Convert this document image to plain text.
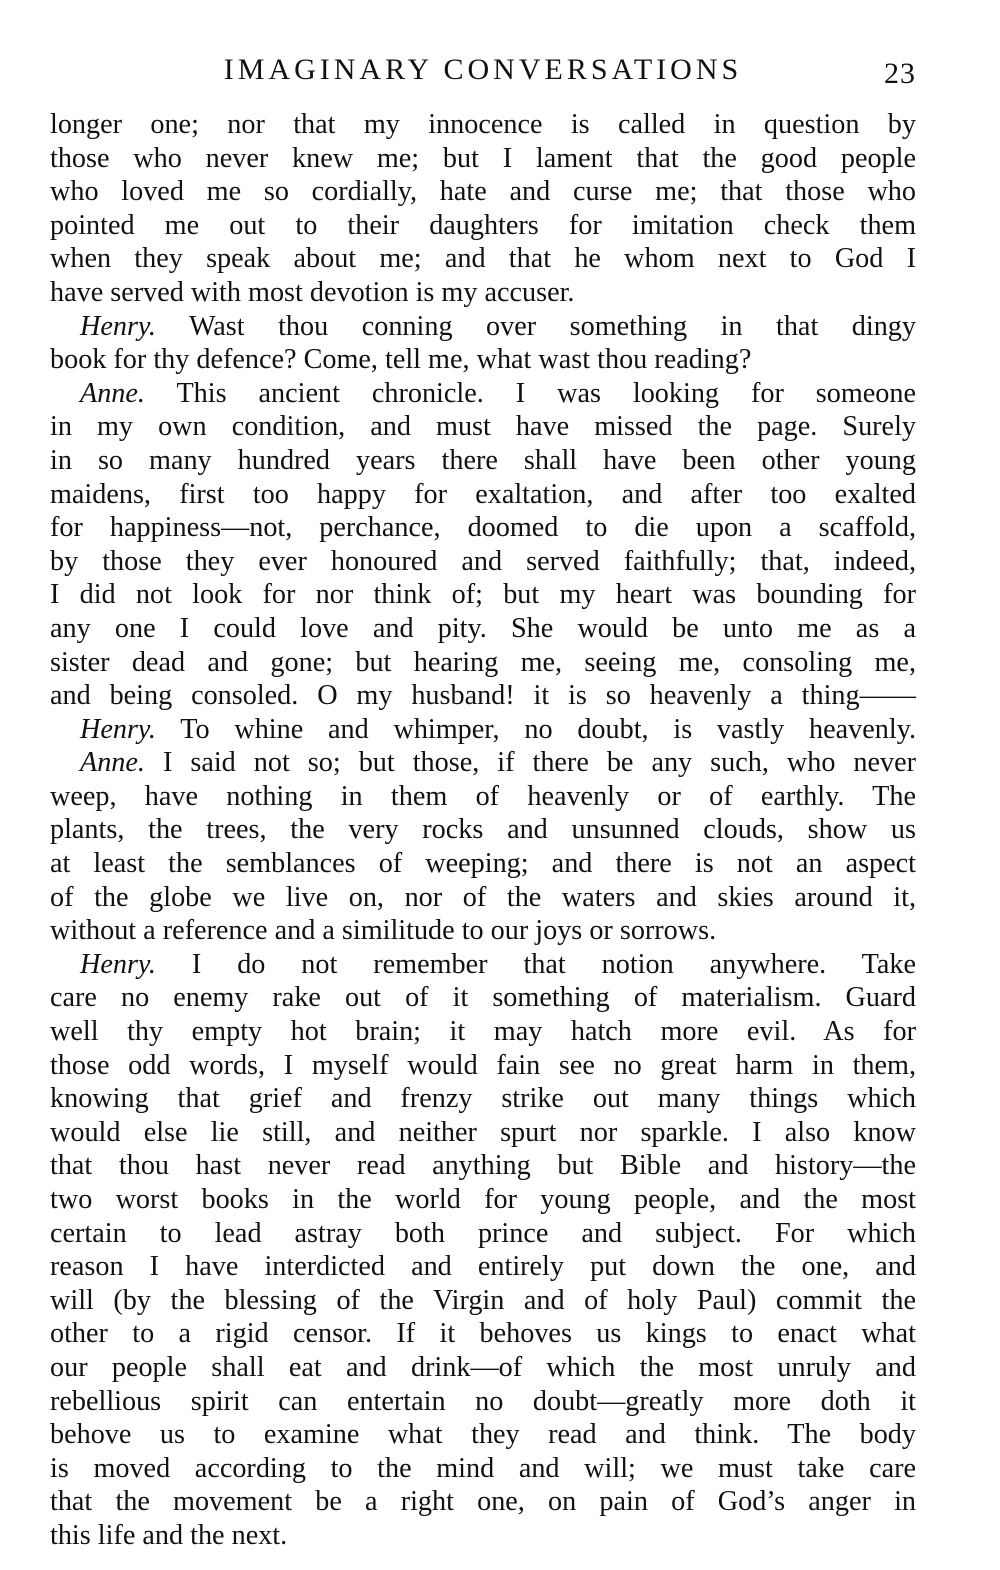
IMAGINARY CONVERSATIONS	23
longer one; nor that my innocence is called in question by
those who never knew me; but I lament that the good people
who loved me so cordially, hate and curse me; that those who
pointed me out to their daughters for imitation check them
when they speak about me; and that he whom next to God I
have served with most devotion is my accuser.
Henry. Wast thou conning over something in that dingy
book for thy defence? Come, tell me, what wast thou reading?
Anne. This ancient chronicle. I was looking for someone
in my own condition, and must have missed the page. Surely
in so many hundred years there shall have been other young
maidens, first too happy for exaltation, and after too exalted
for happiness—not, perchance, doomed to die upon a scaffold,
by those they ever honoured and served faithfully; that, indeed,
I did not look for nor think of; but my heart was bounding for
any one I could love and pity. She would be unto me as a
sister dead and gone; but hearing me, seeing me, consoling me,
and being consoled. O my husband! it is so heavenly a thing——
Henry. To whine and whimper, no doubt, is vastly heavenly.
Anne. I said not so; but those, if there be any such, who never
weep, have nothing in them of heavenly or of earthly. The
plants, the trees, the very rocks and unsunned clouds, show us
at least the semblances of weeping; and there is not an aspect
of the globe we live on, nor of the waters and skies around it,
without a reference and a similitude to our joys or sorrows.
Henry. I do not remember that notion anywhere. Take
care no enemy rake out of it something of materialism. Guard
well thy empty hot brain; it may hatch more evil. As for
those odd words, I myself would fain see no great harm in them,
knowing that grief and frenzy strike out many things which
would else lie still, and neither spurt nor sparkle. I also know
that thou hast never read anything but Bible and history—the
two worst books in the world for young people, and the most
certain to lead astray both prince and subject. For which
reason I have interdicted and entirely put down the one, and
will (by the blessing of the Virgin and of holy Paul) commit the
other to a rigid censor. If it behoves us kings to enact what
our people shall eat and drink—of which the most unruly and
rebellious spirit can entertain no doubt—greatly more doth it
behove us to examine what they read and think. The body
is moved according to the mind and will; we must take care
that the movement be a right one, on pain of God’s anger in
this life and the next.
